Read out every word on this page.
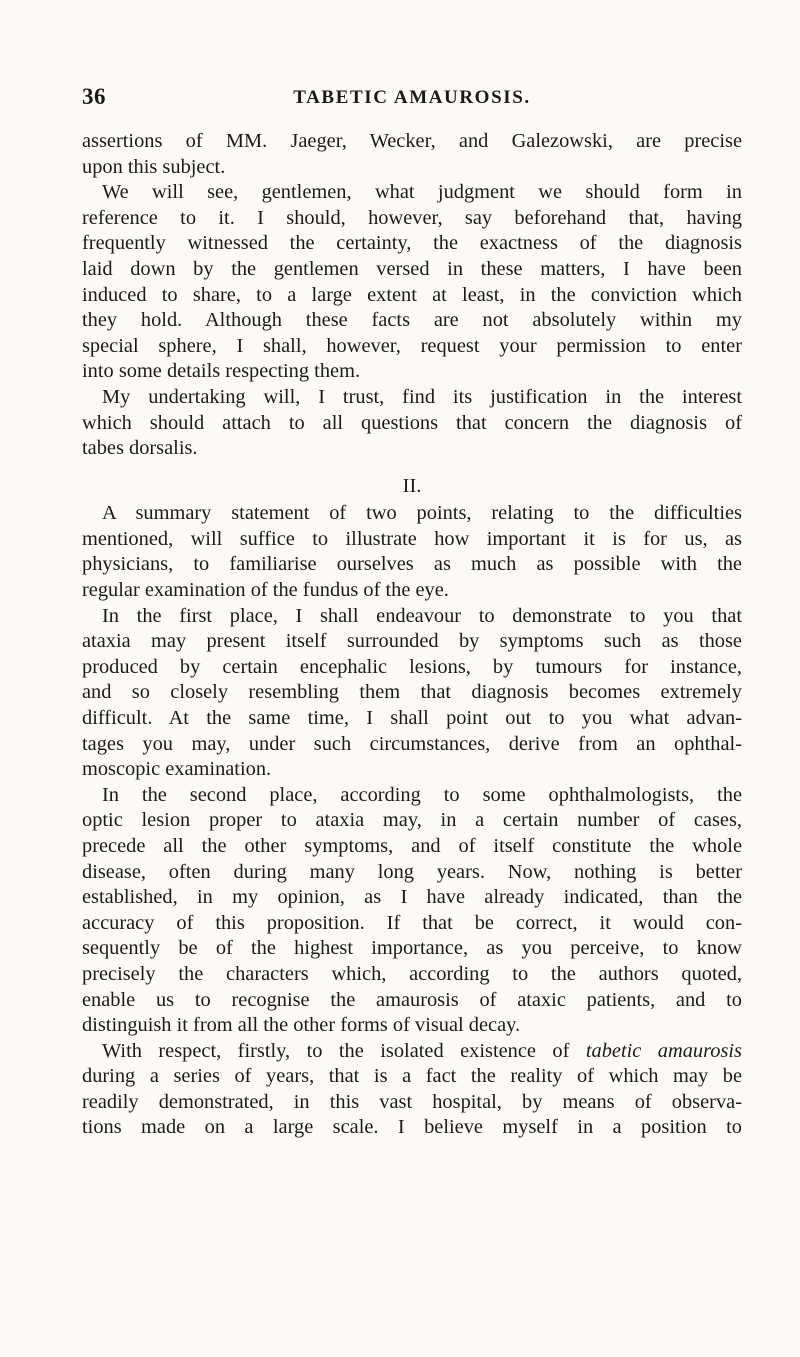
36	TABETIC AMAUROSIS.
assertions of MM. Jaeger, Wecker, and Galezowski, are precise
upon this subject.
We will see, gentlemen, what judgment we should form in
reference to it. I should, however, say beforehand that, having
frequently witnessed the certainty, the exactness of the diagnosis
laid down by the gentlemen versed in these matters, I have been
induced to share, to a large extent at least, in the conviction which
they hold. Although these facts are not absolutely within my
special sphere, I shall, however, request your permission to enter
into some details respecting them.
My undertaking will, I trust, find its justification in the interest
which should attach to all questions that concern the diagnosis of
tabes dorsalis.
II.
A summary statement of two points, relating to the difficulties
mentioned, will suffice to illustrate how important it is for us, as
physicians, to familiarise ourselves as much as possible with the
regular examination of the fundus of the eye.
In the first place, I shall endeavour to demonstrate to you that
ataxia may present itself surrounded by symptoms such as those
produced by certain encephalic lesions, by tumours for instance,
and so closely resembling them that diagnosis becomes extremely
difficult. At the same time, I shall point out to you what advan-
tages you may, under such circumstances, derive from an ophthal-
moscopic examination.
In the second place, according to some ophthalmologists, the
optic lesion proper to ataxia may, in a certain number of cases,
precede all the other symptoms, and of itself constitute the whole
disease, often during many long years. Now, nothing is better
established, in my opinion, as I have already indicated, than the
accuracy of this proposition. If that be correct, it would con-
sequently be of the highest importance, as you perceive, to know
precisely the characters which, according to the authors quoted,
enable us to recognise the amaurosis of ataxic patients, and to
distinguish it from all the other forms of visual decay.
With respect, firstly, to the isolated existence of tabetic amaurosis
during a series of years, that is a fact the reality of which may be
readily demonstrated, in this vast hospital, by means of observa-
tions made on a large scale. I believe myself in a position to
